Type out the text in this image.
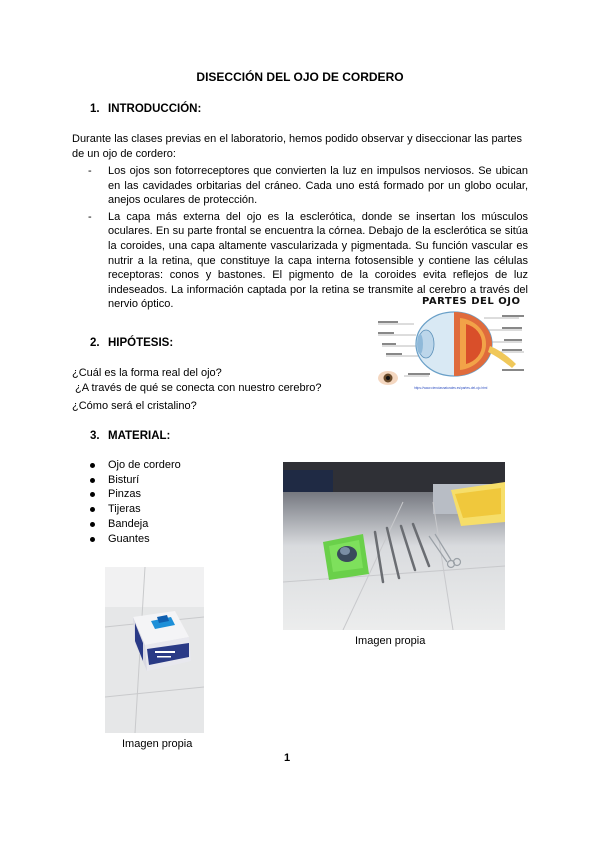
DISECCIÓN DEL OJO DE CORDERO
1. INTRODUCCIÓN:
Durante las clases previas en el laboratorio, hemos podido observar y diseccionar las partes de un ojo de cordero:
- Los ojos son fotorreceptores que convierten la luz en impulsos nerviosos. Se ubican en las cavidades orbitarias del cráneo. Cada uno está formado por un globo ocular, anejos oculares de protección.
- La capa más externa del ojo es la esclerótica, donde se insertan los músculos oculares. En su parte frontal se encuentra la córnea. Debajo de la esclerótica se sitúa la coroides, una capa altamente vascularizada y pigmentada. Su función vascular es nutrir a la retina, que constituye la capa interna fotosensible y contiene las células receptoras: conos y bastones. El pigmento de la coroides evita reflejos de luz indeseados. La información captada por la retina se transmite al cerebro a través del nervio óptico.	PARTES DEL OJO
https://www.cienciasnaturales.es/partes-del-ojo.html
2. HIPÓTESIS:
¿Cuál es la forma real del ojo?
¿A través de qué se conecta con nuestro cerebro?
¿Cómo será el cristalino?
3. MATERIAL:
Ojo de cordero
Bisturí
Pinzas
Tijeras
Bandeja
Guantes
Imagen propia
Imagen propia
1
